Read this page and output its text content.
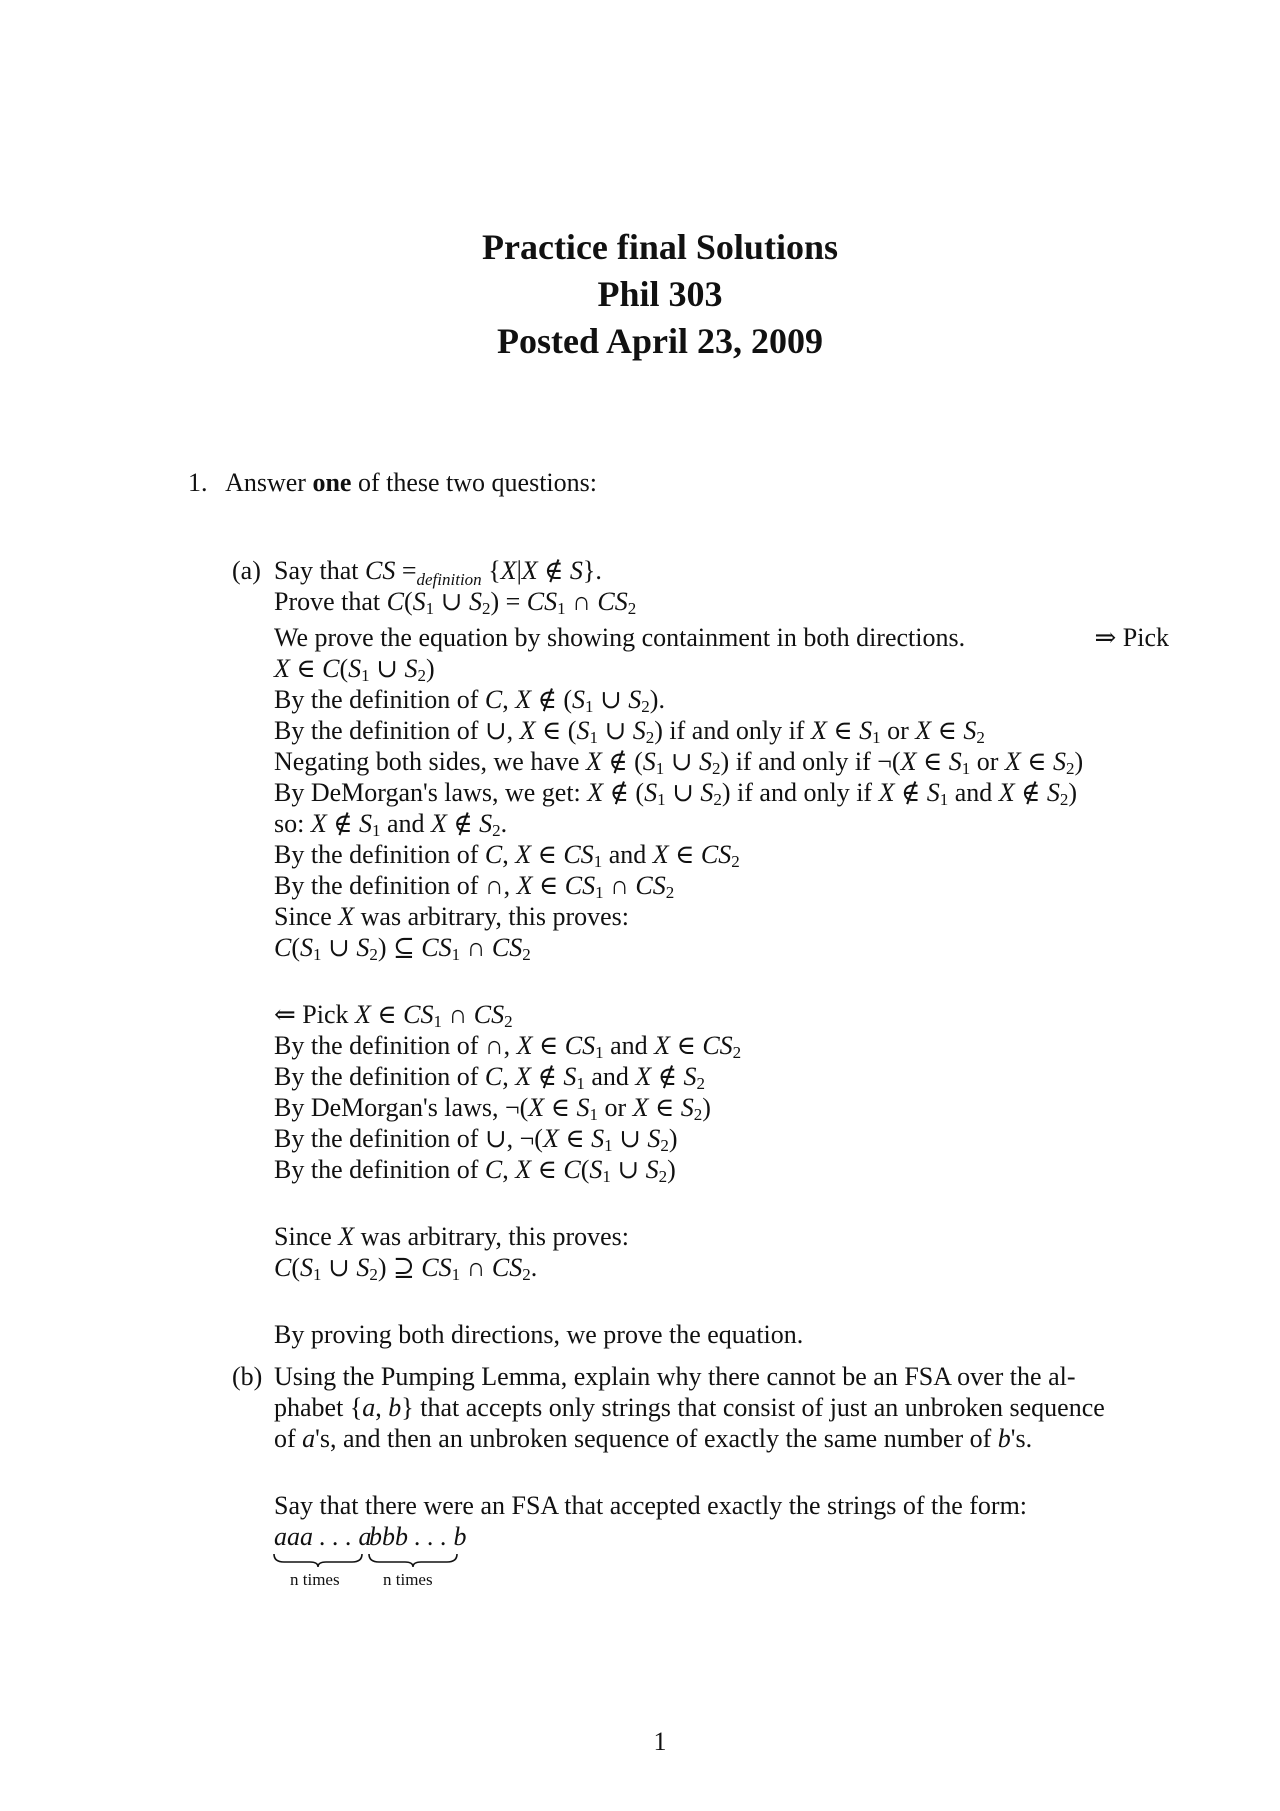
Practice final Solutions
Phil 303
Posted April 23, 2009
1. Answer one of these two questions:
(a) Say that CS $=_{definition}$ {X|X ∉ S}.
Prove that $C(S_1$ ∪ $S_2) = CS_1$ ∩ $CS_2$
We prove the equation by showing containment in both directions.	⇒ Pick
X ∈ $C(S_1$ ∪ $S_2$)
By the definition of C, X ∉ ($S_1$ ∪ $S_2$).
By the definition of ∪, X ∈ ($S_1$ ∪ $S_2$) if and only if X ∈ $S_1$ or X ∈ $S_2$
Negating both sides, we have X ∉ ($S_1$ ∪ $S_2$) if and only if ¬(X ∈ $S_1$ or X ∈ $S_2$)
By DeMorgan's laws, we get: X ∉ ($S_1$ ∪ $S_2$) if and only if X ∉ $S_1$ and X ∉ $S_2$)
so: X ∉ $S_1$ and X ∉ $S_2$.
By the definition of C, X ∈ $CS_1$ and X ∈ $CS_2$
By the definition of ∩, X ∈ $CS_1$ ∩ $CS_2$
Since X was arbitrary, this proves:
$C(S_1$ ∪ $S_2$) ⊆ $CS_1$ ∩ $CS_2$
⇐ Pick X ∈ $CS_1$ ∩ $CS_2$
By the definition of ∩, X ∈ $CS_1$ and X ∈ $CS_2$
By the definition of C, X ∉ $S_1$ and X ∉ $S_2$
By DeMorgan's laws, ¬(X ∈ $S_1$ or X ∈ $S_2$)
By the definition of ∪, ¬(X ∈ $S_1$ ∪ $S_2$)
By the definition of C, X ∈ $C(S_1$ ∪ $S_2$)
Since X was arbitrary, this proves:
$C(S_1$ ∪ $S_2$) ⊇ $CS_1$ ∩ $CS_2$.
By proving both directions, we prove the equation.
(b) Using the Pumping Lemma, explain why there cannot be an FSA over the al-
phabet {a, b} that accepts only strings that consist of just an unbroken sequence
of a's, and then an unbroken sequence of exactly the same number of b's.
Say that there were an FSA that accepted exactly the strings of the form:
aaa . . . a
bbb . . . b
n times	n times
1
